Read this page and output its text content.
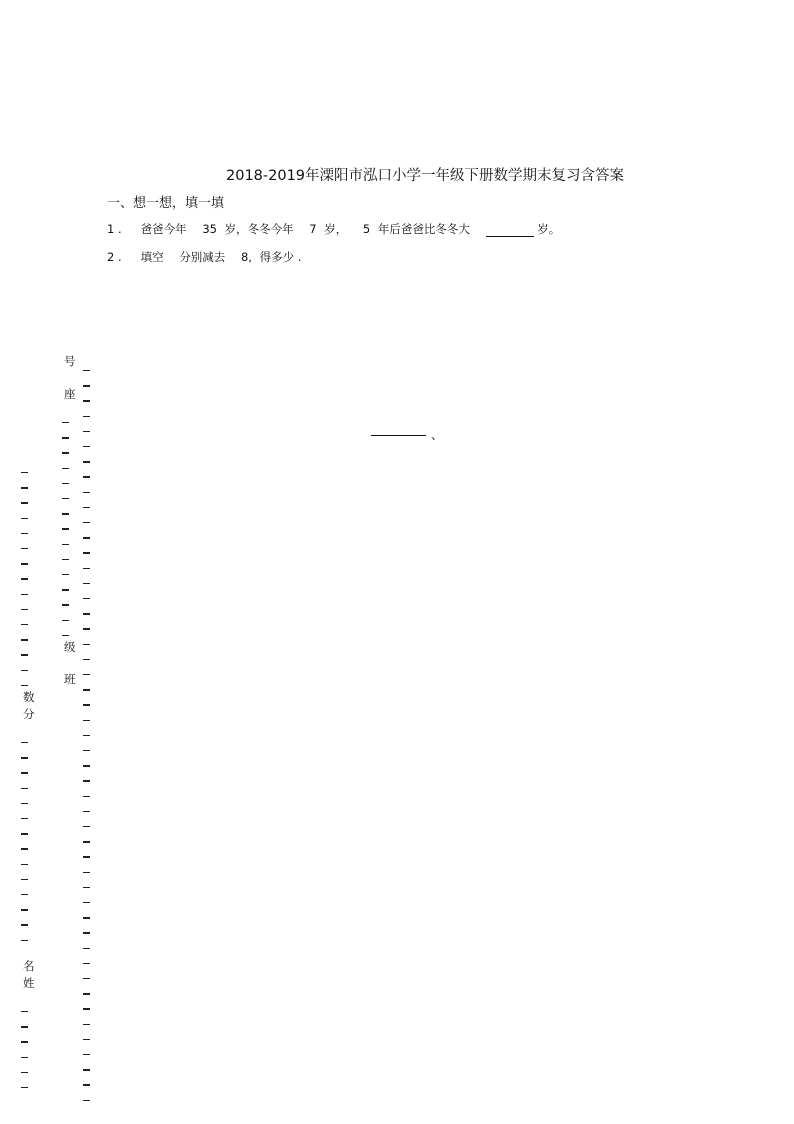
2018-2019年溧阳市泓口小学一年级下册数学期末复习含答案
一、想一想，填一填
1 . 爸爸今年 35 岁，冬冬今年 7 岁， 5 年后爸爸比冬冬大	岁。
2 . 填空 分别减去 8, 得多少 .
、
号
座
级
班
数
分
名
姓
